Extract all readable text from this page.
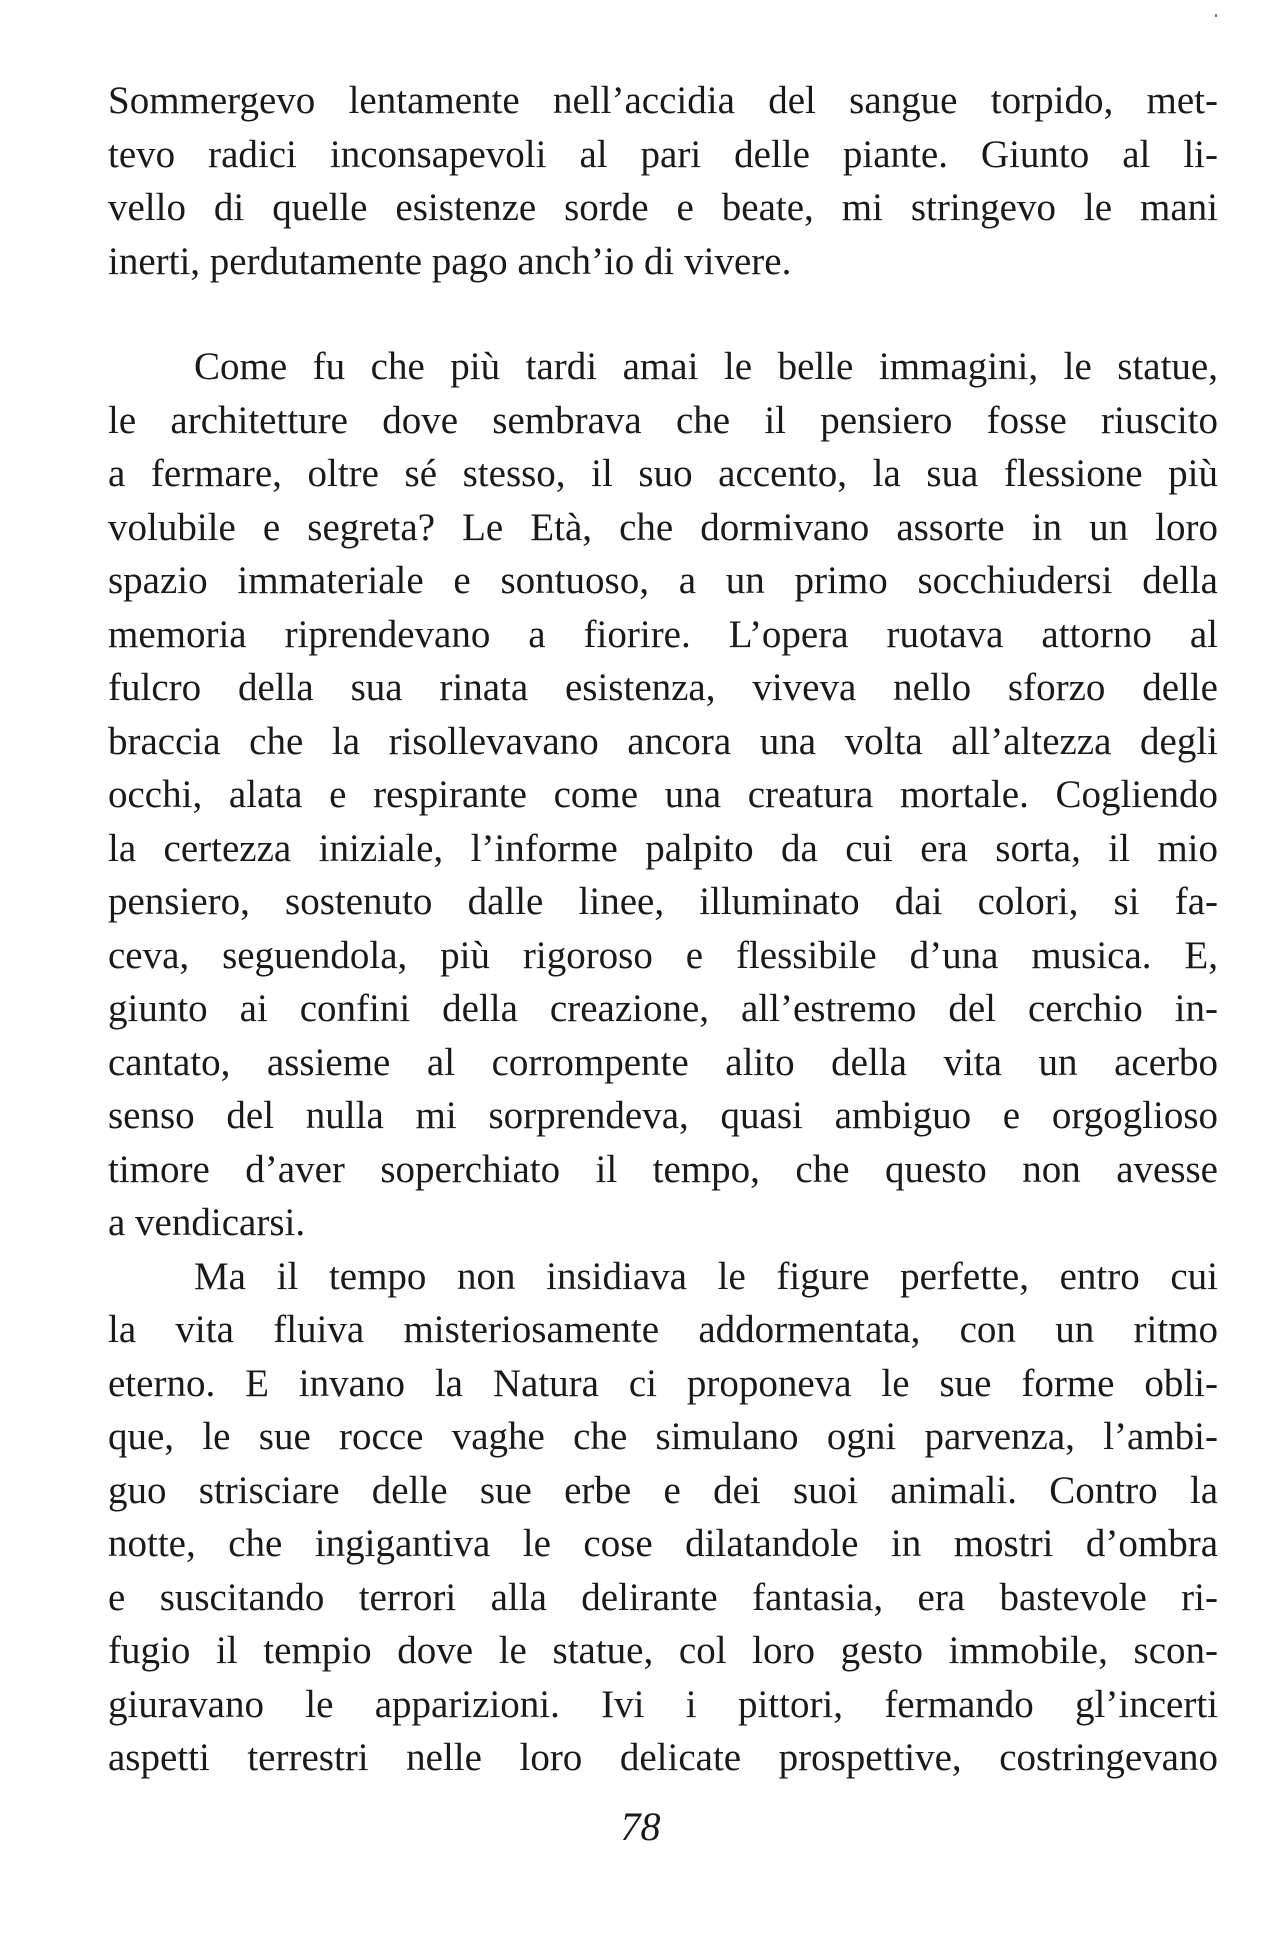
Sommergevo lentamente nell’accidia del sangue torpido, met-
tevo radici inconsapevoli al pari delle piante. Giunto al li-
vello di quelle esistenze sorde e beate, mi stringevo le mani
inerti, perdutamente pago anch’io di vivere.
Come fu che più tardi amai le belle immagini, le statue,
le architetture dove sembrava che il pensiero fosse riuscito
a fermare, oltre sé stesso, il suo accento, la sua flessione più
volubile e segreta? Le Età, che dormivano assorte in un loro
spazio immateriale e sontuoso, a un primo socchiudersi della
memoria riprendevano a fiorire. L’opera ruotava attorno al
fulcro della sua rinata esistenza, viveva nello sforzo delle
braccia che la risollevavano ancora una volta all’altezza degli
occhi, alata e respirante come una creatura mortale. Cogliendo
la certezza iniziale, l’informe palpito da cui era sorta, il mio
pensiero, sostenuto dalle linee, illuminato dai colori, si fa-
ceva, seguendola, più rigoroso e flessibile d’una musica. E,
giunto ai confini della creazione, all’estremo del cerchio in-
cantato, assieme al corrompente alito della vita un acerbo
senso del nulla mi sorprendeva, quasi ambiguo e orgoglioso
timore d’aver soperchiato il tempo, che questo non avesse
a vendicarsi.
Ma il tempo non insidiava le figure perfette, entro cui
la vita fluiva misteriosamente addormentata, con un ritmo
eterno. E invano la Natura ci proponeva le sue forme obli-
que, le sue rocce vaghe che simulano ogni parvenza, l’ambi-
guo strisciare delle sue erbe e dei suoi animali. Contro la
notte, che ingigantiva le cose dilatandole in mostri d’ombra
e suscitando terrori alla delirante fantasia, era bastevole ri-
fugio il tempio dove le statue, col loro gesto immobile, scon-
giuravano le apparizioni. Ivi i pittori, fermando gl’incerti
aspetti terrestri nelle loro delicate prospettive, costringevano
78
